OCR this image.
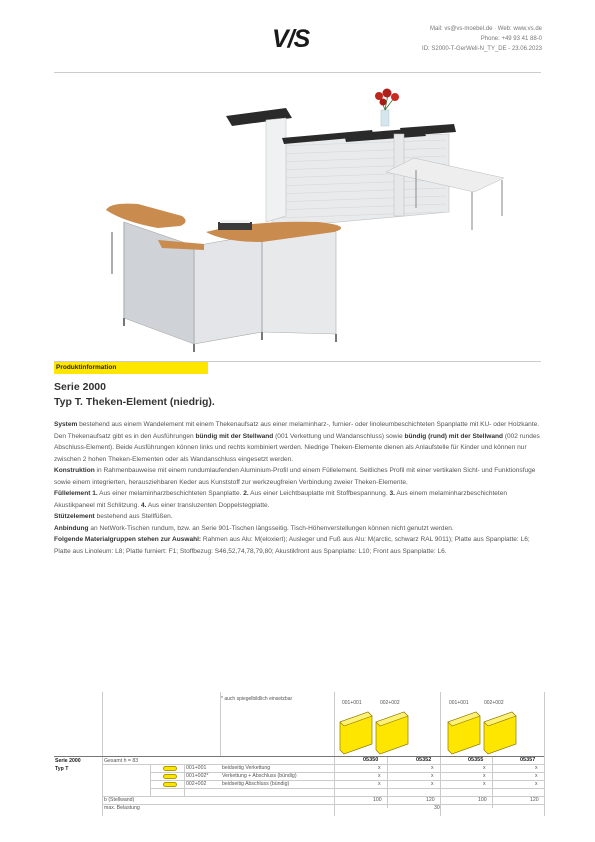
V/S	Mail: vs@vs-moebel.de · Web: www.vs.de
Phone: +49 93 41 88-0
ID: S2000-T-GerWell-N_TY_DE - 23.06.2023
Produktinformation
Serie 2000
Typ T. Theken-Element (niedrig).

System bestehend aus einem Wandelement mit einem Thekenaufsatz aus einer melaminharz-, furnier- oder linoleumbeschichteten Spanplatte mit KU- oder Holzkante. Den Thekenaufsatz gibt es in den Ausführungen bündig mit der Stellwand (001 Verkettung und Wandanschluss) sowie bündig (rund) mit der Stellwand (002 rundes Abschluss-Element). Beide Ausführungen können links und rechts kombiniert werden. Niedrige Theken-Elemente dienen als Anlaufstelle für Kinder und können nur zwischen 2 hohen Theken-Elementen oder als Wandanschluss eingesetzt werden.

Konstruktion in Rahmenbauweise mit einem rundumlaufenden Aluminium-Profil und einem Füllelement. Seitliches Profil mit einer vertikalen Sicht- und Funktionsfuge sowie einem integrierten, herausziehbaren Keder aus Kunststoff zur werkzeugfreien Verbindung zweier Theken-Elemente.

Füllelement 1. Aus einer melaminharzbeschichteten Spanplatte. 2. Aus einer Leichtbauplatte mit Stoffbespannung. 3. Aus einem melaminharzbeschichteten Akustikpaneel mit Schlitzung. 4. Aus einer transluzenten Doppelstegplatte.

Stützelement bestehend aus Stellfüßen.

Anbindung an NetWork-Tischen rundum, bzw. an Serie 901-Tischen längsseitig. Tisch-Höhenverstellungen können nicht genutzt werden.

Folgende Materialgruppen stehen zur Auswahl: Rahmen aus Alu: M(eloxiert); Ausleger und Fuß aus Alu: M(arctic, schwarz RAL 9011); Platte aus Spanplatte: L6; Platte aus Linoleum: L8; Platte furniert: F1; Stoffbezug: S46,52,74,78,79,80; Akustikfront aus Spanplatte: L10; Front aus Spanplatte: L6.

* auch spiegelbildlich einsetzbar
001+001	002+002	001+001	002+002
Serie 2000
Typ T
Gesamt h = 83	05350	05352	05355	05357
001+001	beidseitig Verkettung	x	x	x	x
001+002*	Verkettung + Abschluss (bündig)	x	x	x	x
002+002	beidseitig Abschluss (bündig)	x	x	x	x
b (Stellwand)	100	120	100	120
max. Belastung	30
